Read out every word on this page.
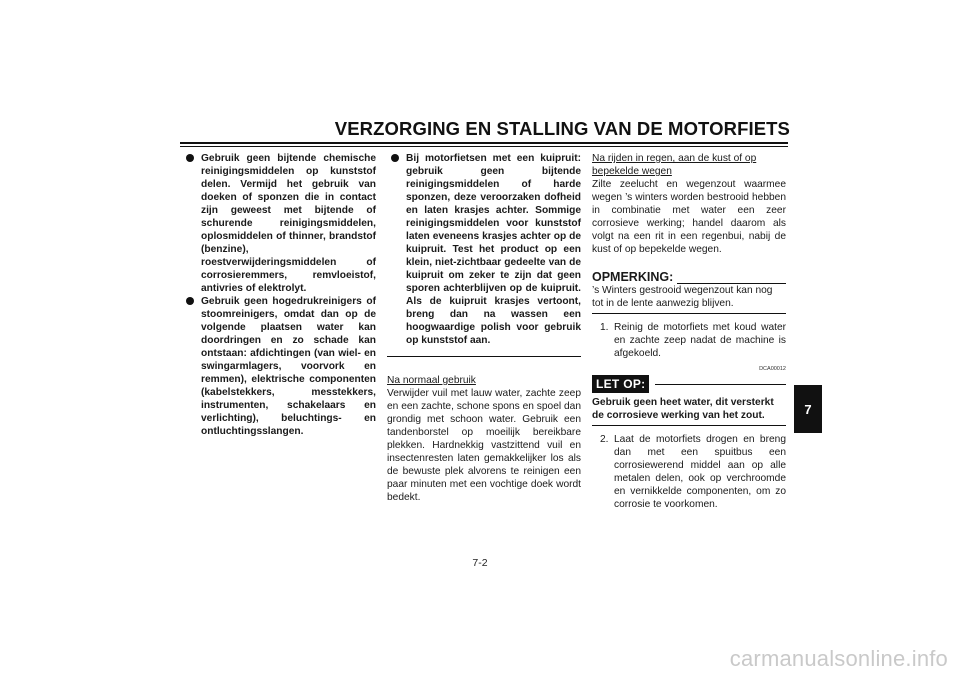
VERZORGING EN STALLING VAN DE MOTORFIETS
Gebruik geen bijtende chemische reinigingsmiddelen op kunststof delen. Vermijd het gebruik van doeken of sponzen die in contact zijn geweest met bijtende of schurende reinigingsmiddelen, oplosmiddelen of thinner, brandstof (benzine), roestverwijderingsmiddelen of corrosieremmers, remvloeistof, antivries of elektrolyt.
Gebruik geen hogedrukreinigers of stoomreinigers, omdat dan op de volgende plaatsen water kan doordringen en zo schade kan ontstaan: afdichtingen (van wiel- en swingarmlagers, voorvork en remmen), elektrische componenten (kabelstekkers, messtekkers, instrumenten, schakelaars en verlichting), beluchtings- en ontluchtingsslangen.
Bij motorfietsen met een kuipruit: gebruik geen bijtende reinigingsmiddelen of harde sponzen, deze veroorzaken dofheid en laten krasjes achter. Sommige reinigingsmiddelen voor kunststof laten eveneens krasjes achter op de kuipruit. Test het product op een klein, niet-zichtbaar gedeelte van de kuipruit om zeker te zijn dat geen sporen achterblijven op de kuipruit. Als de kuipruit krasjes vertoont, breng dan na wassen een hoogwaardige polish voor gebruik op kunststof aan.
Na normaal gebruik
Verwijder vuil met lauw water, zachte zeep en een zachte, schone spons en spoel dan grondig met schoon water. Gebruik een tandenborstel op moeilijk bereikbare plekken. Hardnekkig vastzittend vuil en insectenresten laten gemakkelijker los als de bewuste plek alvorens te reinigen een paar minuten met een vochtige doek wordt bedekt.
Na rijden in regen, aan de kust of op bepekelde wegen
Zilte zeelucht en wegenzout waarmee wegen ’s winters worden bestrooid hebben in combinatie met water een zeer corrosieve werking; handel daarom als volgt na een rit in een regenbui, nabij de kust of op bepekelde wegen.
OPMERKING:
’s Winters gestrooid wegenzout kan nog tot in de lente aanwezig blijven.
1. Reinig de motorfiets met koud water en zachte zeep nadat de machine is afgekoeld.
DCA00012
LET OP:
Gebruik geen heet water, dit versterkt de corrosieve werking van het zout.
2. Laat de motorfiets drogen en breng dan met een spuitbus een corrosiewerend middel aan op alle metalen delen, ook op verchroomde en vernikkelde componenten, om zo corrosie te voorkomen.
7-2
7
carmanualsonline.info
